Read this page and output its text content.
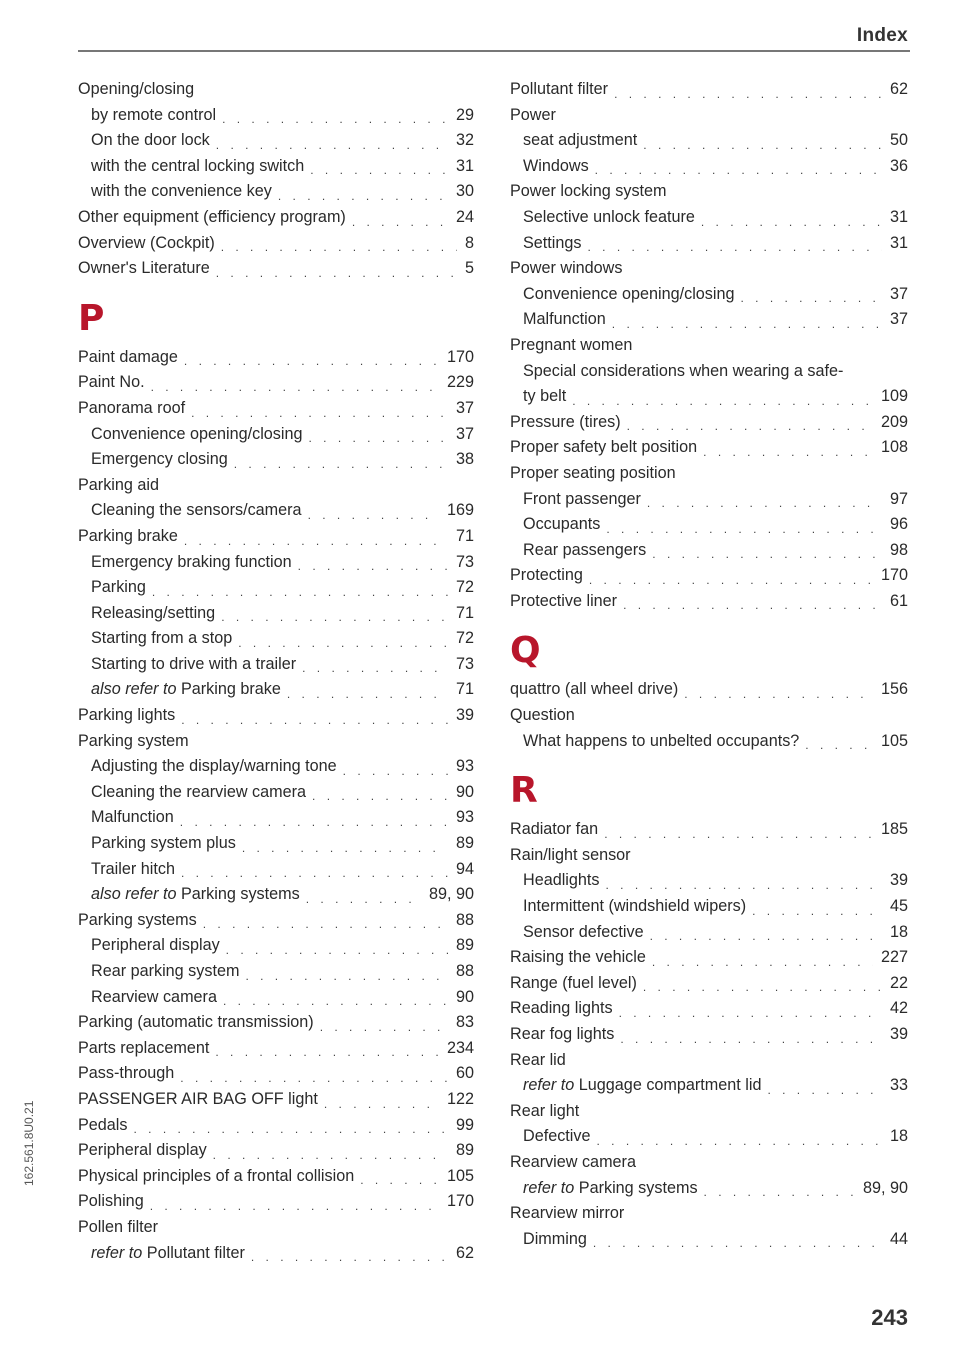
Index
Opening/closing
by remote control . . .	29
On the door lock . . .	32
with the central locking switch . . .	31
with the convenience key . . .	30
Other equipment (efficiency program) . . .	24
Overview (Cockpit) . . .	8
Owner's Literature . . .	5
P
Paint damage . . .	170
Paint No. . . .	229
Panorama roof . . .	37
Convenience opening/closing . . .	37
Emergency closing . . .	38
Parking aid
Cleaning the sensors/camera . . .	169
Parking brake . . .	71
Emergency braking function . . .	73
Parking . . .	72
Releasing/setting . . .	71
Starting from a stop . . .	72
Starting to drive with a trailer . . .	73
also refer to Parking brake . . .	71
Parking lights . . .	39
Parking system
Adjusting the display/warning tone . . .	93
Cleaning the rearview camera . . .	90
Malfunction . . .	93
Parking system plus . . .	89
Trailer hitch . . .	94
also refer to Parking systems . . .	89, 90
Parking systems . . .	88
Peripheral display . . .	89
Rear parking system . . .	88
Rearview camera . . .	90
Parking (automatic transmission) . . .	83
Parts replacement . . .	234
Pass-through . . .	60
PASSENGER AIR BAG OFF light . . .	122
Pedals . . .	99
Peripheral display . . .	89
Physical principles of a frontal collision . . .	105
Polishing . . .	170
Pollen filter
refer to Pollutant filter . . .	62
Pollutant filter . . .	62
Power
seat adjustment . . .	50
Windows . . .	36
Power locking system
Selective unlock feature . . .	31
Settings . . .	31
Power windows
Convenience opening/closing . . .	37
Malfunction . . .	37
Pregnant women
Special considerations when wearing a safe-
ty belt . . .	109
Pressure (tires) . . .	209
Proper safety belt position . . .	108
Proper seating position
Front passenger . . .	97
Occupants . . .	96
Rear passengers . . .	98
Protecting . . .	170
Protective liner . . .	61
Q
quattro (all wheel drive) . . .	156
Question
What happens to unbelted occupants? . . .	105
R
Radiator fan . . .	185
Rain/light sensor
Headlights . . .	39
Intermittent (windshield wipers) . . .	45
Sensor defective . . .	18
Raising the vehicle . . .	227
Range (fuel level) . . .	22
Reading lights . . .	42
Rear fog lights . . .	39
Rear lid
refer to Luggage compartment lid . . .	33
Rear light
Defective . . .	18
Rearview camera
refer to Parking systems . . .	89, 90
Rearview mirror
Dimming . . .	44
243
162.561.8U0.21
